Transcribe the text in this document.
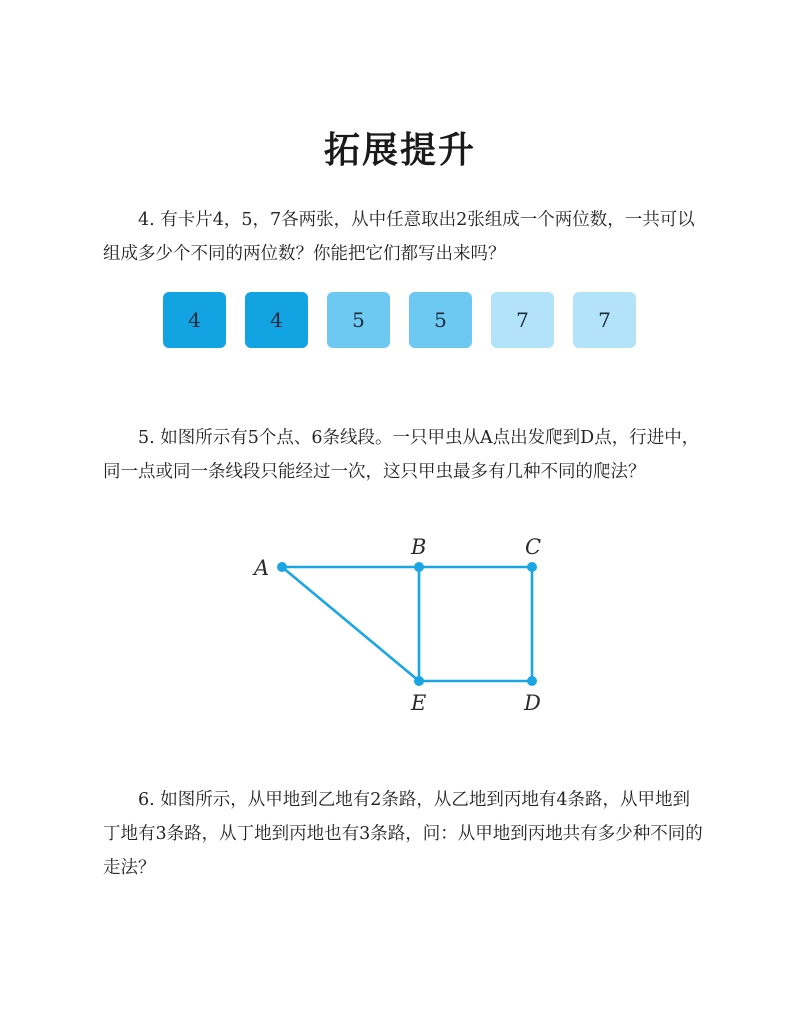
拓展提升

4. 有卡片4，5，7各两张，从中任意取出2张组成一个两位数，一共可以组成多少个不同的两位数？你能把它们都写出来吗？

4	4	5	5	7	7

5. 如图所示有5个点、6条线段。一只甲虫从A点出发爬到D点，行进中，同一点或同一条线段只能经过一次，这只甲虫最多有几种不同的爬法？

A
B	C
E	D

6. 如图所示，从甲地到乙地有2条路，从乙地到丙地有4条路，从甲地到丁地有3条路，从丁地到丙地也有3条路，问：从甲地到丙地共有多少种不同的走法？
